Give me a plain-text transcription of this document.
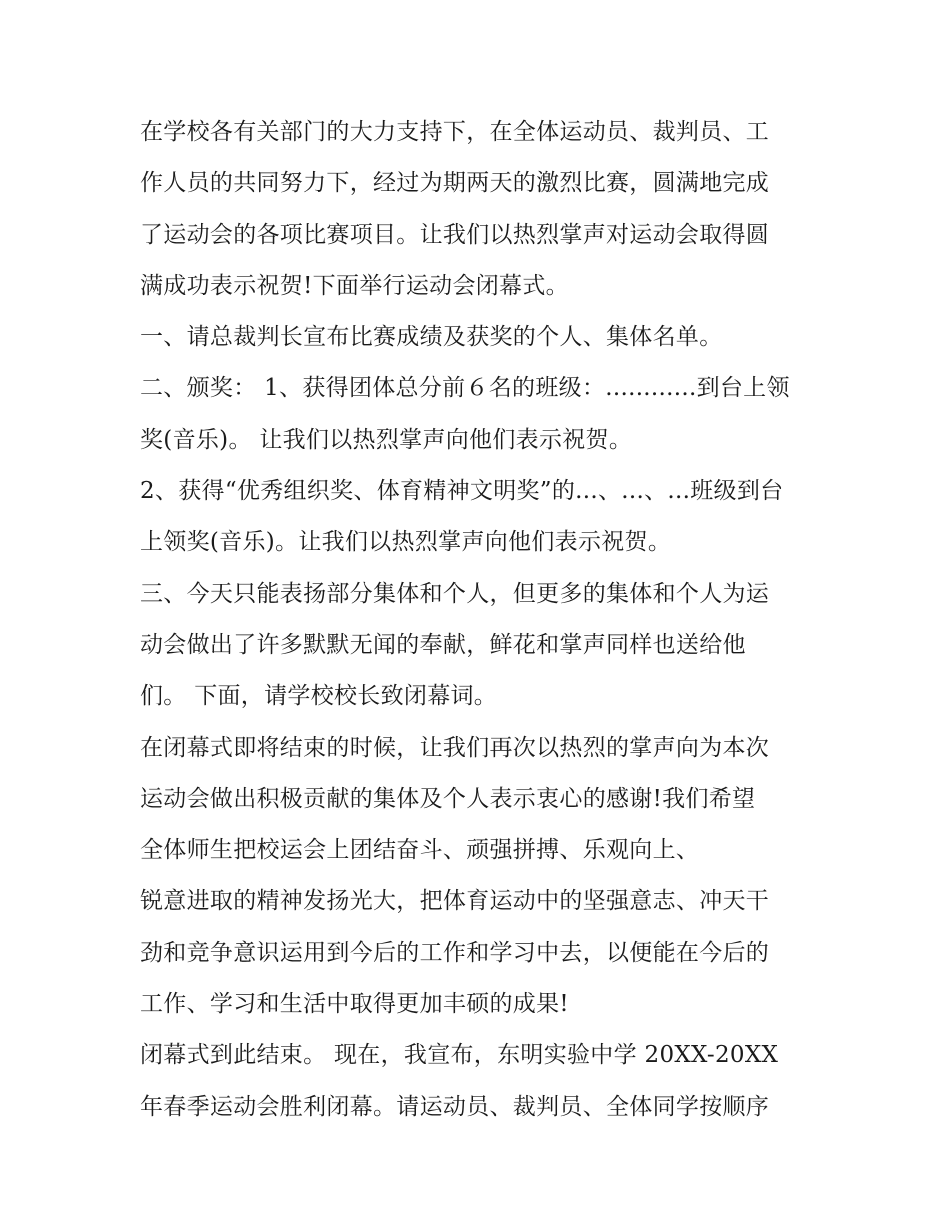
在学校各有关部门的大力支持下，在全体运动员、裁判员、工
作人员的共同努力下，经过为期两天的激烈比赛，圆满地完成
了运动会的各项比赛项目。让我们以热烈掌声对运动会取得圆
满成功表示祝贺!下面举行运动会闭幕式。
一、请总裁判长宣布比赛成绩及获奖的个人、集体名单。
二、颁奖： 1、获得团体总分前６名的班级：............到台上领
奖(音乐)。 让我们以热烈掌声向他们表示祝贺。
2、获得“优秀组织奖、体育精神文明奖”的...、...、...班级到台
上领奖(音乐)。让我们以热烈掌声向他们表示祝贺。
三、今天只能表扬部分集体和个人，但更多的集体和个人为运
动会做出了许多默默无闻的奉献，鲜花和掌声同样也送给他
们。 下面，请学校校长致闭幕词。
在闭幕式即将结束的时候，让我们再次以热烈的掌声向为本次
运动会做出积极贡献的集体及个人表示衷心的感谢!我们希望
全体师生把校运会上团结奋斗、顽强拼搏、乐观向上、
锐意进取的精神发扬光大，把体育运动中的坚强意志、冲天干
劲和竞争意识运用到今后的工作和学习中去，以便能在今后的
工作、学习和生活中取得更加丰硕的成果!
闭幕式到此结束。 现在，我宣布，东明实验中学 20XX-20XX
年春季运动会胜利闭幕。请运动员、裁判员、全体同学按顺序
